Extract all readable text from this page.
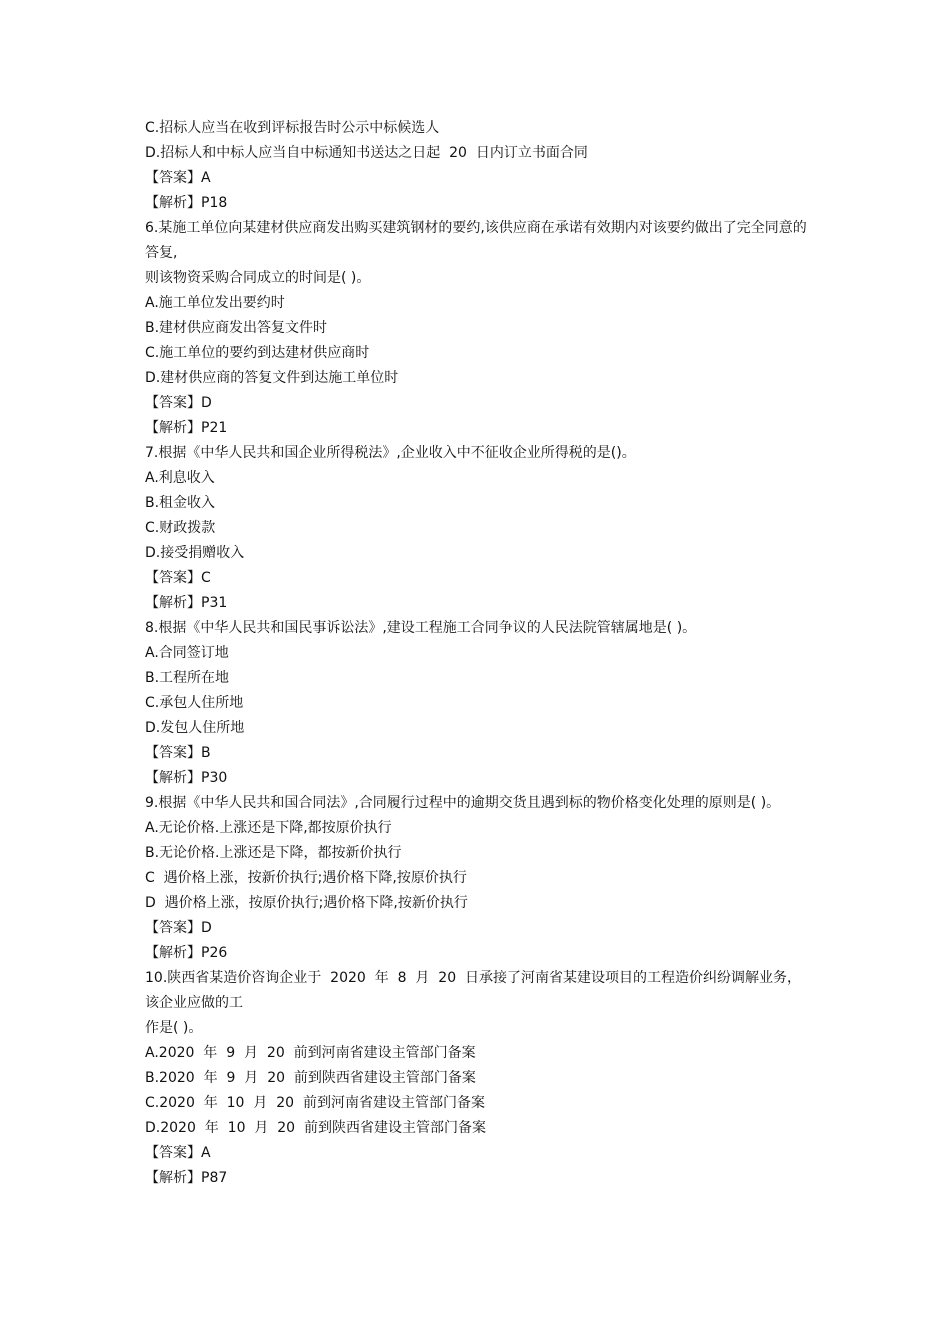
C.招标人应当在收到评标报告时公示中标候选人
D.招标人和中标人应当自中标通知书送达之日起  20  日内订立书面合同
【答案】A
【解析】P18
6.某施工单位向某建材供应商发出购买建筑钢材的要约,该供应商在承诺有效期内对该要约做出了完全同意的答复,
则该物资采购合同成立的时间是( )。
A.施工单位发出要约时
B.建材供应商发出答复文件时
C.施工单位的要约到达建材供应商时
D.建材供应商的答复文件到达施工单位时
【答案】D
【解析】P21
7.根据《中华人民共和国企业所得税法》,企业收入中不征收企业所得税的是()。
A.利息收入
B.租金收入
C.财政拨款
D.接受捐赠收入
【答案】C
【解析】P31
8.根据《中华人民共和国民事诉讼法》,建设工程施工合同争议的人民法院管辖属地是( )。
A.合同签订地
B.工程所在地
C.承包人住所地
D.发包人住所地
【答案】B
【解析】P30
9.根据《中华人民共和国合同法》,合同履行过程中的逾期交货且遇到标的物价格变化处理的原则是( )。
A.无论价格.上涨还是下降,都按原价执行
B.无论价格.上涨还是下降，都按新价执行
C  遇价格上涨，按新价执行;遇价格下降,按原价执行
D  遇价格上涨，按原价执行;遇价格下降,按新价执行
【答案】D
【解析】P26
10.陕西省某造价咨询企业于  2020  年  8  月  20  日承接了河南省某建设项目的工程造价纠纷调解业务，该企业应做的工
作是( )。
A.2020  年  9  月  20  前到河南省建设主管部门备案
B.2020  年  9  月  20  前到陕西省建设主管部门备案
C.2020  年  10  月  20  前到河南省建设主管部门备案
D.2020  年  10  月  20  前到陕西省建设主管部门备案
【答案】A
【解析】P87
